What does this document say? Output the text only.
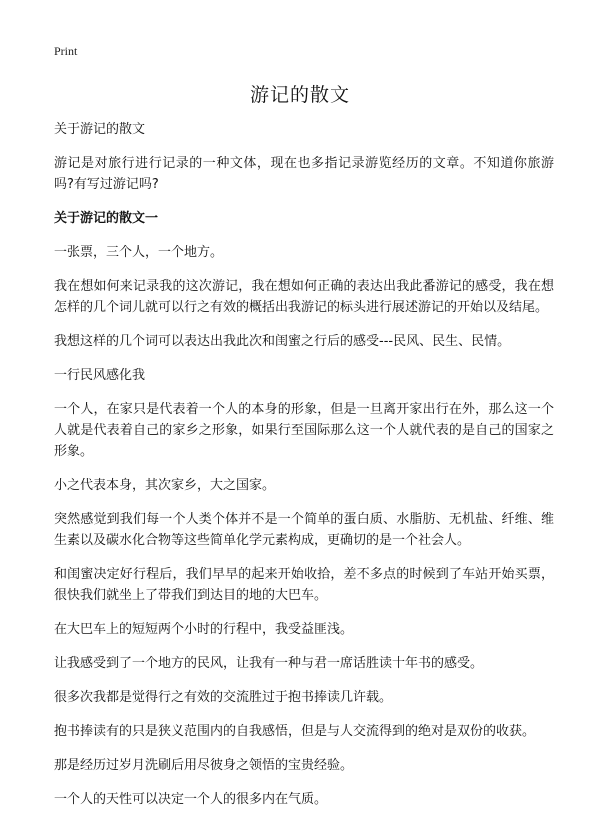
Print
游记的散文

关于游记的散文

游记是对旅行进行记录的一种文体，现在也多指记录游览经历的文章。不知道你旅游吗?有写过游记吗?

关于游记的散文一

一张票，三个人，一个地方。

我在想如何来记录我的这次游记，我在想如何正确的表达出我此番游记的感受，我在想怎样的几个词儿就可以行之有效的概括出我游记的标头进行展述游记的开始以及结尾。

我想这样的几个词可以表达出我此次和闺蜜之行后的感受---民风、民生、民情。

一行民风感化我

一个人，在家只是代表着一个人的本身的形象，但是一旦离开家出行在外，那么这一个人就是代表着自己的家乡之形象，如果行至国际那么这一个人就代表的是自己的国家之形象。

小之代表本身，其次家乡，大之国家。

突然感觉到我们每一个人类个体并不是一个简单的蛋白质、水脂肪、无机盐、纤维、维生素以及碳水化合物等这些简单化学元素构成，更确切的是一个社会人。

和闺蜜决定好行程后，我们早早的起来开始收拾，差不多点的时候到了车站开始买票，很快我们就坐上了带我们到达目的地的大巴车。

在大巴车上的短短两个小时的行程中，我受益匪浅。

让我感受到了一个地方的民风，让我有一种与君一席话胜读十年书的感受。

很多次我都是觉得行之有效的交流胜过于抱书捧读几许载。

抱书捧读有的只是狭义范围内的自我感悟，但是与人交流得到的绝对是双份的收获。

那是经历过岁月洗刷后用尽彼身之领悟的宝贵经验。

一个人的天性可以决定一个人的很多内在气质。
